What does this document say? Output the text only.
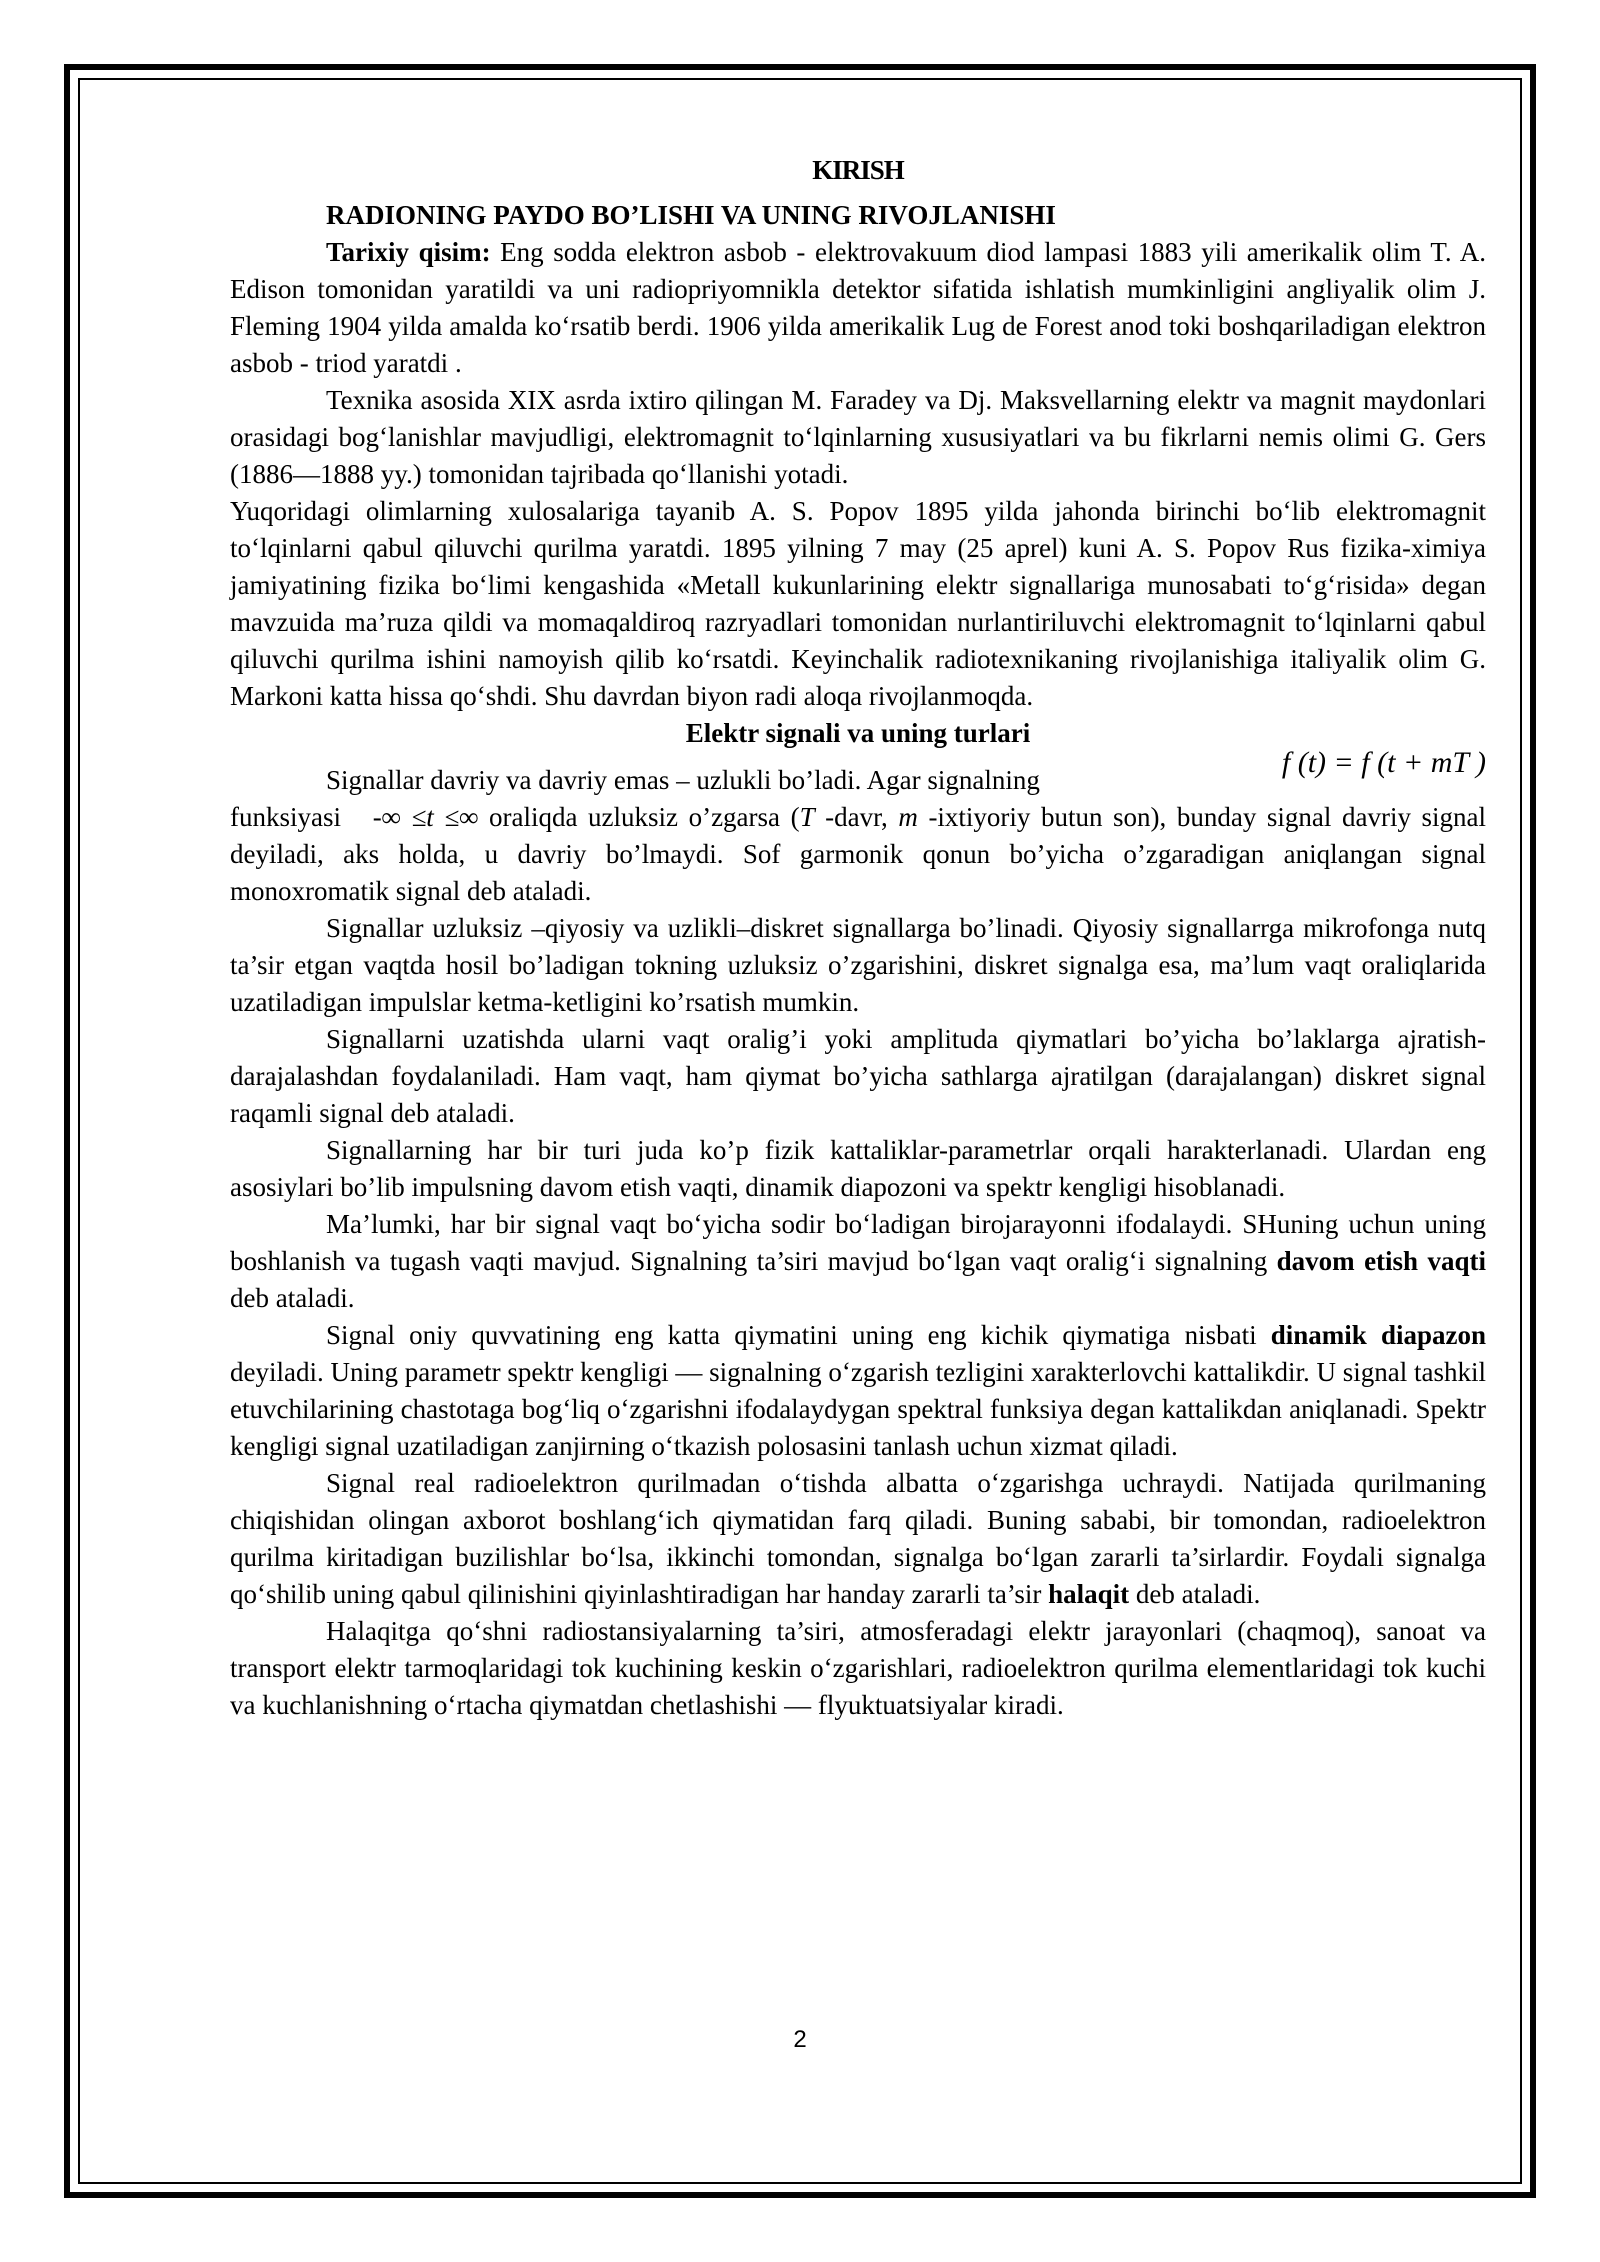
KIRISH

RADIONING PAYDO BO’LISHI VA UNING RIVOJLANISHI

Tarixiy qisim: Eng sodda elektron asbob - elektrovakuum diod lampasi 1883 yili amerikalik olim T. A. Edison tomonidan yaratildi va uni radiopriyomnikla detektor sifatida ishlatish mumkinligini angliyalik olim J. Fleming 1904 yilda amalda ko‘rsatib berdi. 1906 yilda amerikalik Lug de Forest anod toki boshqariladigan elektron asbob - triod yaratdi .

Texnika asosida XIX asrda ixtiro qilingan M. Faradey va Dj. Maksvellarning elektr va magnit maydonlari orasidagi bog‘lanishlar mavjudligi, elektromagnit to‘lqinlarning xususiyatlari va bu fikrlarni nemis olimi G. Gers (1886—1888 yy.) tomonidan tajribada qo‘llanishi yotadi.

Yuqoridagi olimlarning xulosalariga tayanib A. S. Popov 1895 yilda jahonda birinchi bo‘lib elektromagnit to‘lqinlarni qabul qiluvchi qurilma yaratdi. 1895 yilning 7 may (25 aprel) kuni A. S. Popov Rus fizika-ximiya jamiyatining fizika bo‘limi kengashida «Metall kukunlarining elektr signallariga munosabati to‘g‘risida» degan mavzuida ma’ruza qildi va momaqaldiroq razryadlari tomonidan nurlantiriluvchi elektromagnit to‘lqinlarni qabul qiluvchi qurilma ishini namoyish qilib ko‘rsatdi. Keyinchalik radiotexnikaning rivojlanishiga italiyalik olim G. Markoni katta hissa qo‘shdi. Shu davrdan biyon radi aloqa rivojlanmoqda.

Elektr signali va uning turlari

Signallar davriy va davriy emas – uzlukli bo’ladi. Agar signalning
f (t) = f (t + mT )

funksiyasi -∞ ≤t ≤∞ oraliqda uzluksiz o’zgarsa (T -davr, m -ixtiyoriy butun son), bunday signal davriy signal deyiladi, aks holda, u davriy bo’lmaydi. Sof garmonik qonun bo’yicha o’zgaradigan aniqlangan signal monoxromatik signal deb ataladi.

Signallar uzluksiz –qiyosiy va uzlikli–diskret signallarga bo’linadi. Qiyosiy signallarrga mikrofonga nutq ta’sir etgan vaqtda hosil bo’ladigan tokning uzluksiz o’zgarishini, diskret signalga esa, ma’lum vaqt oraliqlarida uzatiladigan impulslar ketma-ketligini ko’rsatish mumkin.

Signallarni uzatishda ularni vaqt oralig’i yoki amplituda qiymatlari bo’yicha bo’laklarga ajratish-darajalashdan foydalaniladi. Ham vaqt, ham qiymat bo’yicha sathlarga ajratilgan (darajalangan) diskret signal raqamli signal deb ataladi.

Signallarning har bir turi juda ko’p fizik kattaliklar-parametrlar orqali harakterlanadi. Ulardan eng asosiylari bo’lib impulsning davom etish vaqti, dinamik diapozoni va spektr kengligi hisoblanadi.

Ma’lumki, har bir signal vaqt bo‘yicha sodir bo‘ladigan birojarayonni ifodalaydi. SHuning uchun uning boshlanish va tugash vaqti mavjud. Signalning ta’siri mavjud bo‘lgan vaqt oralig‘i signalning davom etish vaqti deb ataladi.

Signal oniy quvvatining eng katta qiymatini uning eng kichik qiymatiga nisbati dinamik diapazon deyiladi. Uning parametr spektr kengligi — signalning o‘zgarish tezligini xarakterlovchi kattalikdir. U signal tashkil etuvchilarining chastotaga bog‘liq o‘zgarishni ifodalaydygan spektral funksiya degan kattalikdan aniqlanadi. Spektr kengligi signal uzatiladigan zanjirning o‘tkazish polosasini tanlash uchun xizmat qiladi.

Signal real radioelektron qurilmadan o‘tishda albatta o‘zgarishga uchraydi. Natijada qurilmaning chiqishidan olingan axborot boshlang‘ich qiymatidan farq qiladi. Buning sababi, bir tomondan, radioelektron qurilma kiritadigan buzilishlar bo‘lsa, ikkinchi tomondan, signalga bo‘lgan zararli ta’sirlardir. Foydali signalga qo‘shilib uning qabul qilinishini qiyinlashtiradigan har handay zararli ta’sir halaqit deb ataladi.

Halaqitga qo‘shni radiostansiyalarning ta’siri, atmosferadagi elektr jarayonlari (chaqmoq), sanoat va transport elektr tarmoqlaridagi tok kuchining keskin o‘zgarishlari, radioelektron qurilma elementlaridagi tok kuchi va kuchlanishning o‘rtacha qiymatdan chetlashishi — flyuktuatsiyalar kiradi.

2
